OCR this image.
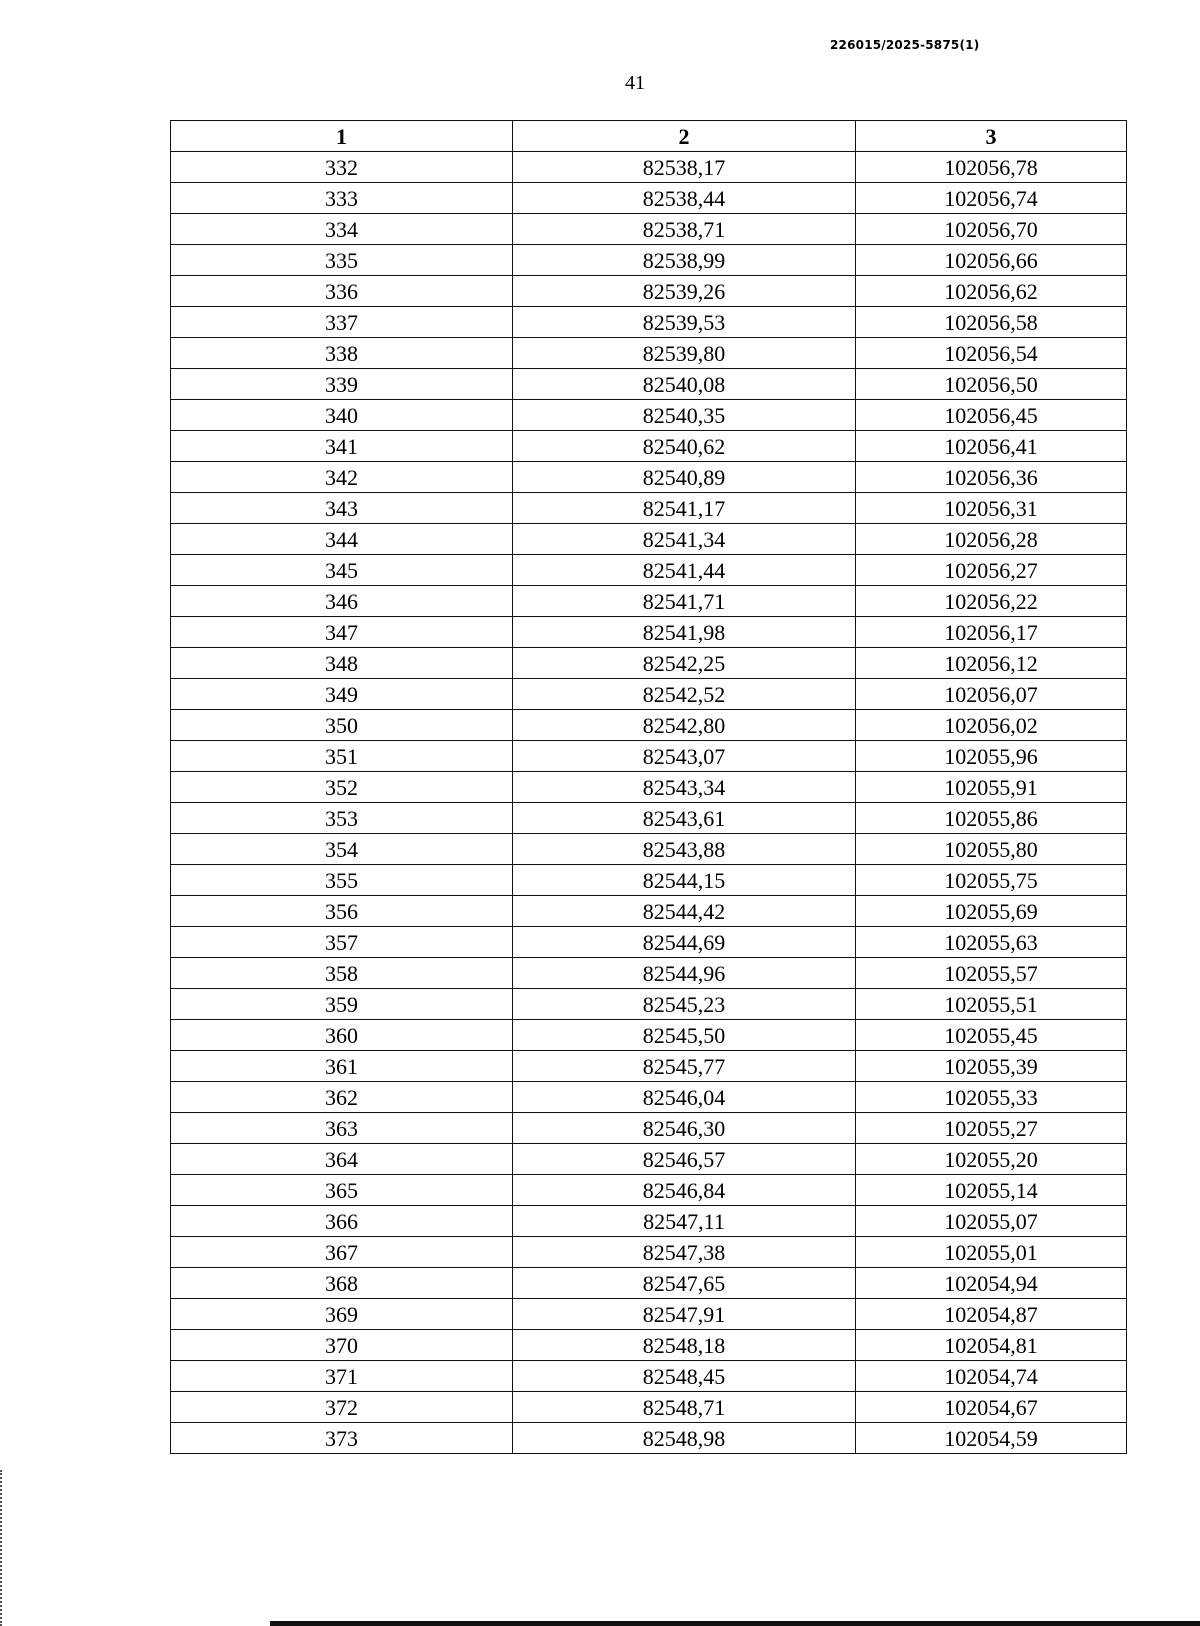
226015/2025-5875(1)
41
1	2	3
332	82538,17	102056,78
333	82538,44	102056,74
334	82538,71	102056,70
335	82538,99	102056,66
336	82539,26	102056,62
337	82539,53	102056,58
338	82539,80	102056,54
339	82540,08	102056,50
340	82540,35	102056,45
341	82540,62	102056,41
342	82540,89	102056,36
343	82541,17	102056,31
344	82541,34	102056,28
345	82541,44	102056,27
346	82541,71	102056,22
347	82541,98	102056,17
348	82542,25	102056,12
349	82542,52	102056,07
350	82542,80	102056,02
351	82543,07	102055,96
352	82543,34	102055,91
353	82543,61	102055,86
354	82543,88	102055,80
355	82544,15	102055,75
356	82544,42	102055,69
357	82544,69	102055,63
358	82544,96	102055,57
359	82545,23	102055,51
360	82545,50	102055,45
361	82545,77	102055,39
362	82546,04	102055,33
363	82546,30	102055,27
364	82546,57	102055,20
365	82546,84	102055,14
366	82547,11	102055,07
367	82547,38	102055,01
368	82547,65	102054,94
369	82547,91	102054,87
370	82548,18	102054,81
371	82548,45	102054,74
372	82548,71	102054,67
373	82548,98	102054,59
